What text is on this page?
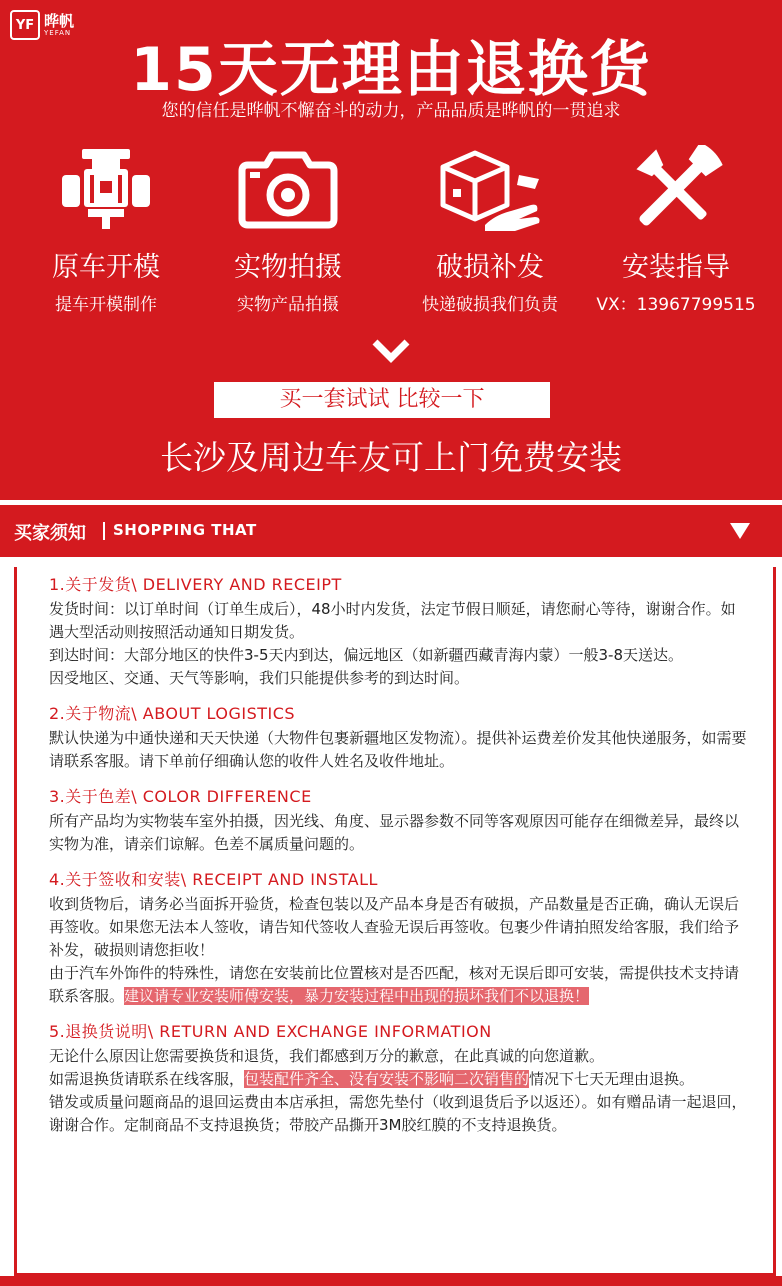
YF 晔帆
YEFAN
15天无理由退换货
您的信任是晔帆不懈奋斗的动力，产品品质是晔帆的一贯追求
原车开模
提车开模制作
实物拍摄
实物产品拍摄
破损补发
快递破损我们负责
安装指导
VX：13967799515
买一套试试 比较一下
长沙及周边车友可上门免费安装
买家须知 SHOPPING THAT
1.关于发货\ DELIVERY AND RECEIPT

发货时间：以订单时间（订单生成后），48小时内发货，法定节假日顺延，请您耐心等待，谢谢合作。如遇大型活动则按照活动通知日期发货。

到达时间：大部分地区的快件3-5天内到达，偏远地区（如新疆西藏青海内蒙）一般3-8天送达。

因受地区、交通、天气等影响，我们只能提供参考的到达时间。

2.关于物流\ ABOUT LOGISTICS

默认快递为中通快递和天天快递（大物件包裹新疆地区发物流）。提供补运费差价发其他快递服务，如需要请联系客服。请下单前仔细确认您的收件人姓名及收件地址。

3.关于色差\ COLOR DIFFERENCE

所有产品均为实物装车室外拍摄，因光线、角度、显示器参数不同等客观原因可能存在细微差异，最终以实物为准，请亲们谅解。色差不属质量问题的。

4.关于签收和安装\ RECEIPT AND INSTALL

收到货物后，请务必当面拆开验货，检查包装以及产品本身是否有破损，产品数量是否正确，确认无误后再签收。如果您无法本人签收，请告知代签收人查验无误后再签收。包裹少件请拍照发给客服，我们给予补发，破损则请您拒收！

由于汽车外饰件的特殊性，请您在安装前比位置核对是否匹配，核对无误后即可安装，需提供技术支持请联系客服。建议请专业安装师傅安装，暴力安装过程中出现的损坏我们不以退换！

5.退换货说明\ RETURN AND EXCHANGE INFORMATION

无论什么原因让您需要换货和退货，我们都感到万分的歉意，在此真诚的向您道歉。

如需退换货请联系在线客服，包装配件齐全、没有安装不影响二次销售的情况下七天无理由退换。

错发或质量问题商品的退回运费由本店承担，需您先垫付（收到退货后予以返还）。如有赠品请一起退回，谢谢合作。定制商品不支持退换货；带胶产品撕开3M胶红膜的不支持退换货。
